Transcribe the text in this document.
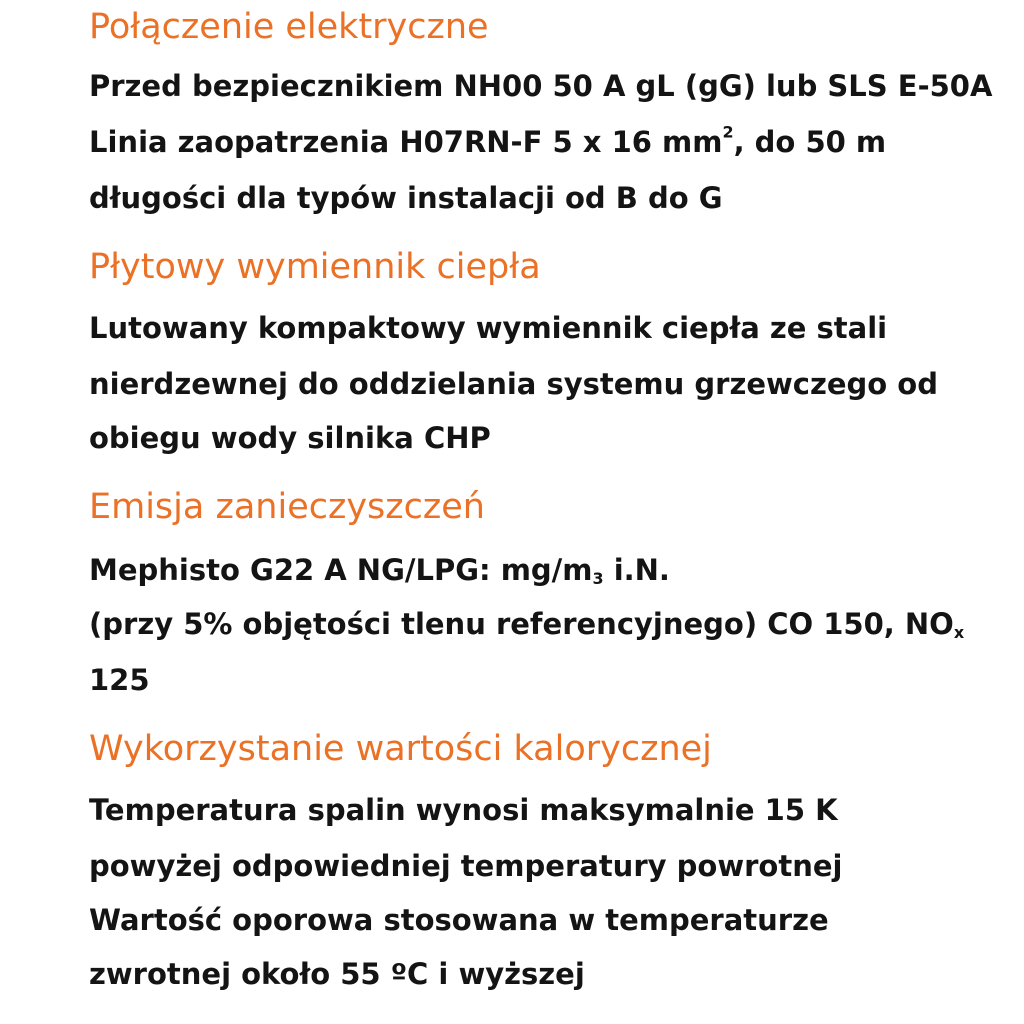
Połączenie elektryczne

Przed bezpiecznikiem NH00 50 A gL (gG) lub SLS E-50A

Linia zaopatrzenia H07RN-F 5 x 16 $mm^2$, do 50 m

długości dla typów instalacji od B do G

Płytowy wymiennik ciepła

Lutowany kompaktowy wymiennik ciepła ze stali

nierdzewnej do oddzielania systemu grzewczego od

obiegu wody silnika CHP

Emisja zanieczyszczeń

Mephisto G22 A NG/LPG: $mg/m_3$ i.N.

(przy 5% objętości tlenu referencyjnego) CO 150, $NO_x$

125

Wykorzystanie wartości kalorycznej

Temperatura spalin wynosi maksymalnie 15 K

powyżej odpowiedniej temperatury powrotnej

Wartość oporowa stosowana w temperaturze

zwrotnej około 55 ºC i wyższej
